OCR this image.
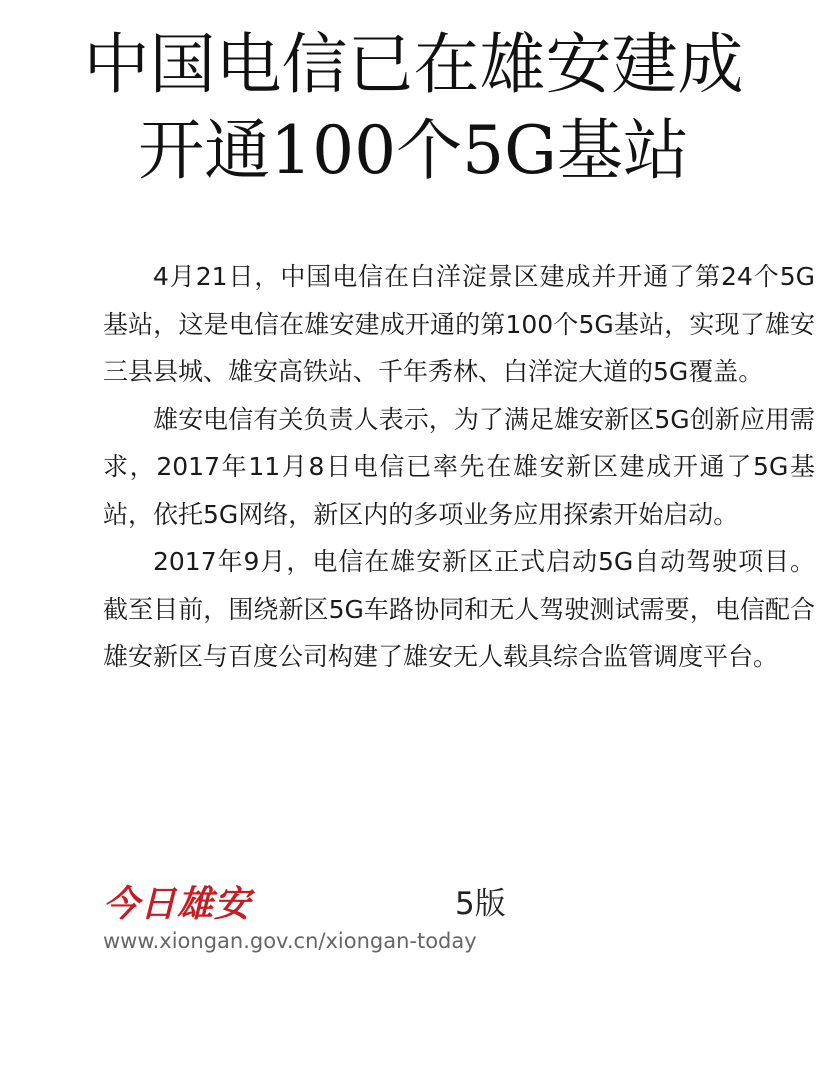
中国电信已在雄安建成
开通100个5G基站

4月21日，中国电信在白洋淀景区建成并开通了第24个5G基站，这是电信在雄安建成开通的第100个5G基站，实现了雄安三县县城、雄安高铁站、千年秀林、白洋淀大道的5G覆盖。

雄安电信有关负责人表示，为了满足雄安新区5G创新应用需求，2017年11月8日电信已率先在雄安新区建成开通了5G基站，依托5G网络，新区内的多项业务应用探索开始启动。

2017年9月，电信在雄安新区正式启动5G自动驾驶项目。截至目前，围绕新区5G车路协同和无人驾驶测试需要，电信配合雄安新区与百度公司构建了雄安无人载具综合监管调度平台。

今日雄安	5版
www.xiongan.gov.cn/xiongan-today
